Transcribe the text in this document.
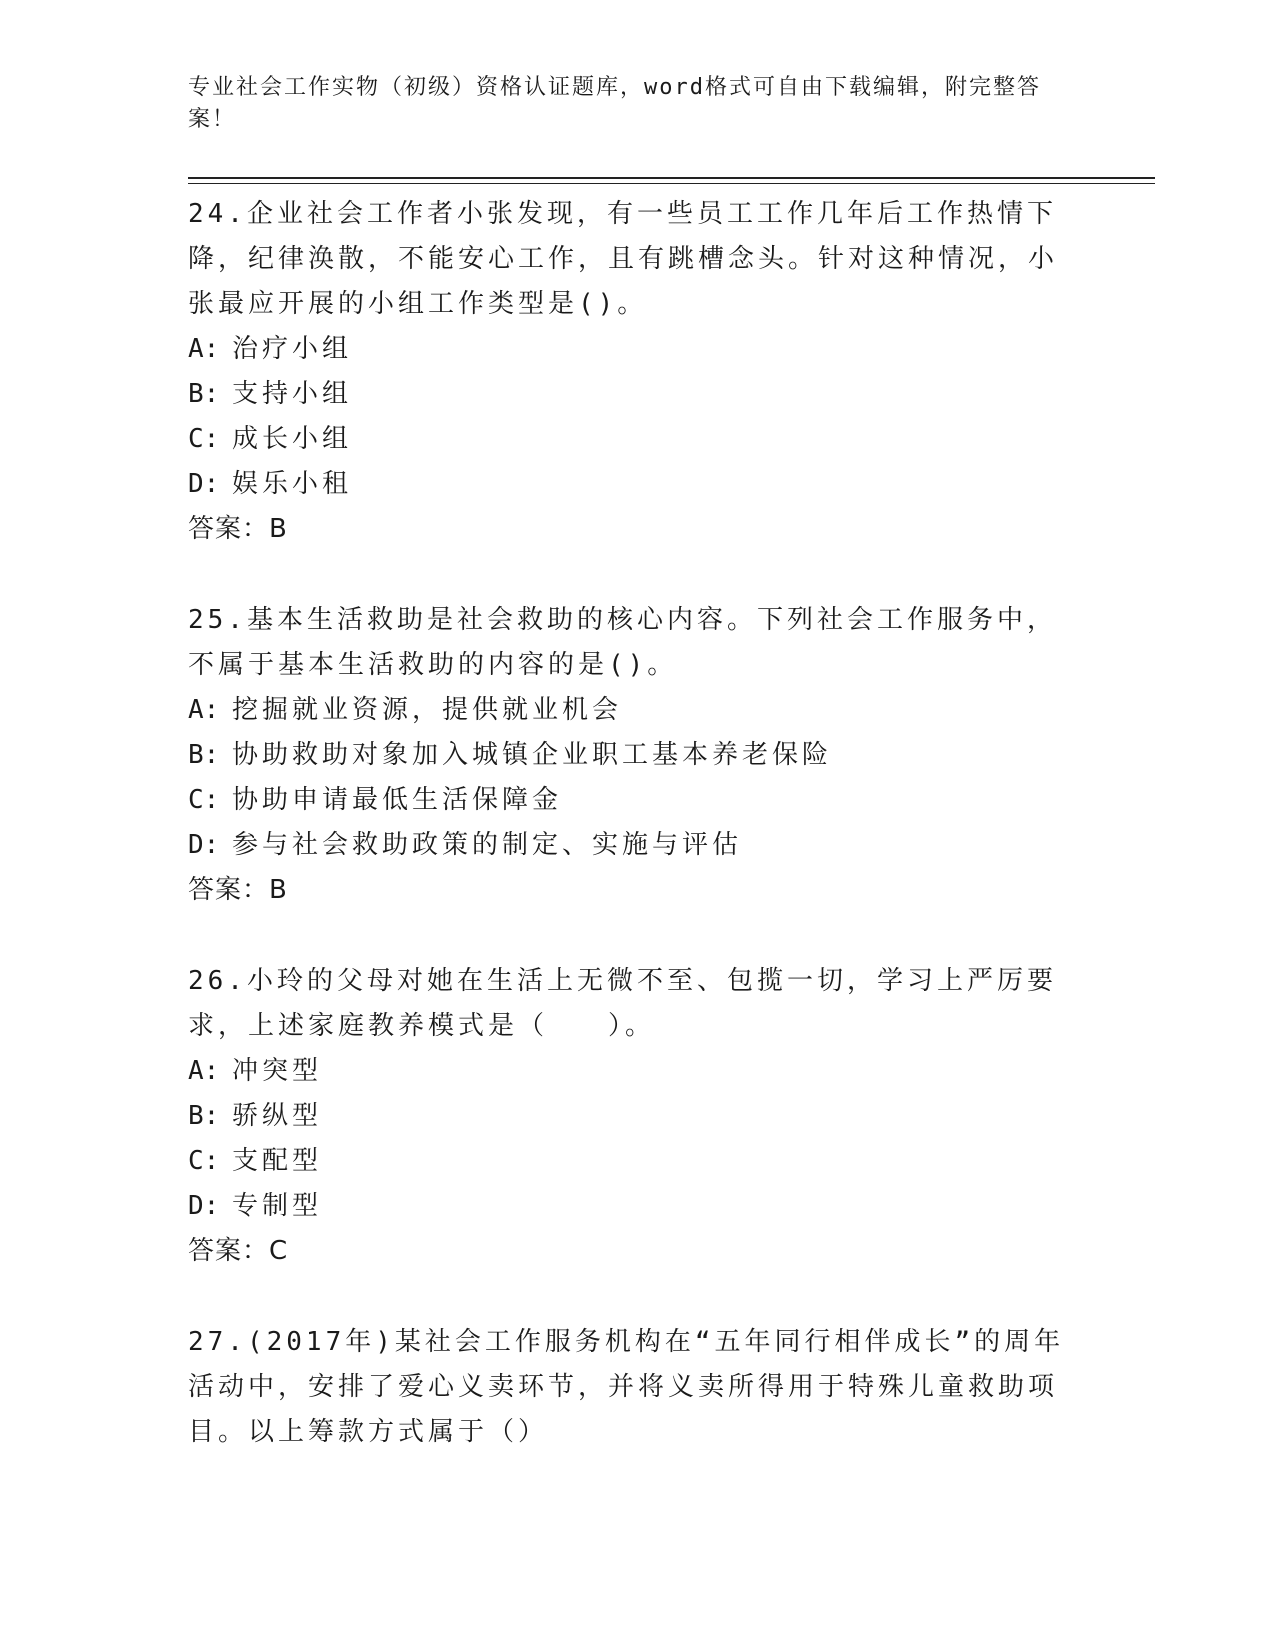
专业社会工作实物（初级）资格认证题库，word格式可自由下载编辑，附完整答案！
24.企业社会工作者小张发现，有一些员工工作几年后工作热情下降，纪律涣散，不能安心工作，且有跳槽念头。针对这种情况，小张最应开展的小组工作类型是()。
A: 治疗小组
B: 支持小组
C: 成长小组
D: 娱乐小租
答案：B
25.基本生活救助是社会救助的核心内容。下列社会工作服务中，不属于基本生活救助的内容的是()。
A: 挖掘就业资源，提供就业机会
B: 协助救助对象加入城镇企业职工基本养老保险
C: 协助申请最低生活保障金
D: 参与社会救助政策的制定、实施与评估
答案：B
26.小玲的父母对她在生活上无微不至、包揽一切，学习上严厉要求，上述家庭教养模式是（　　）。
A: 冲突型
B: 骄纵型
C: 支配型
D: 专制型
答案：C
27.(2017年)某社会工作服务机构在“五年同行相伴成长”的周年活动中，安排了爱心义卖环节，并将义卖所得用于特殊儿童救助项目。以上筹款方式属于（）
